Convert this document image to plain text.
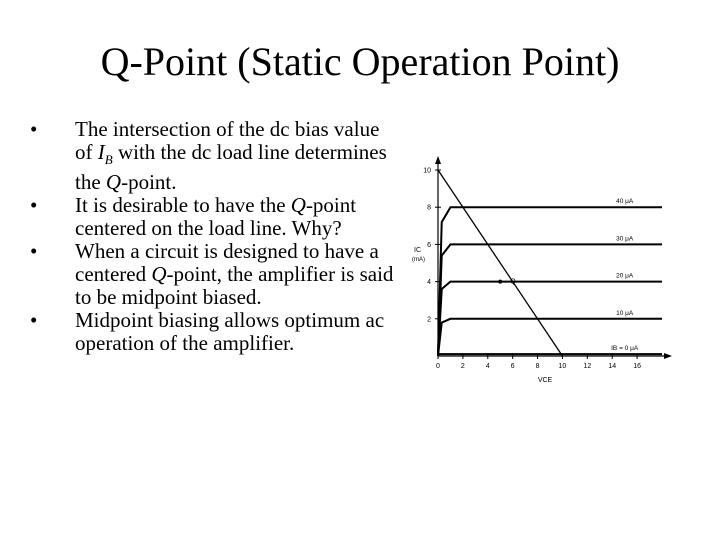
Q-Point (Static Operation Point)
• The intersection of the dc bias value of $I_B$ with the dc load line determines the Q-point.
• It is desirable to have the Q-point centered on the load line. Why?
• When a circuit is designed to have a centered Q-point, the amplifier is said to be midpoint biased.
• Midpoint biasing allows optimum ac operation of the amplifier.
0	2	4	6	8	10 12 14 16
2
4
6
8
10
IC
(mA)
VCE
40 μA
30 μA
20 μA
10 μA
IB = 0 μA
Q
